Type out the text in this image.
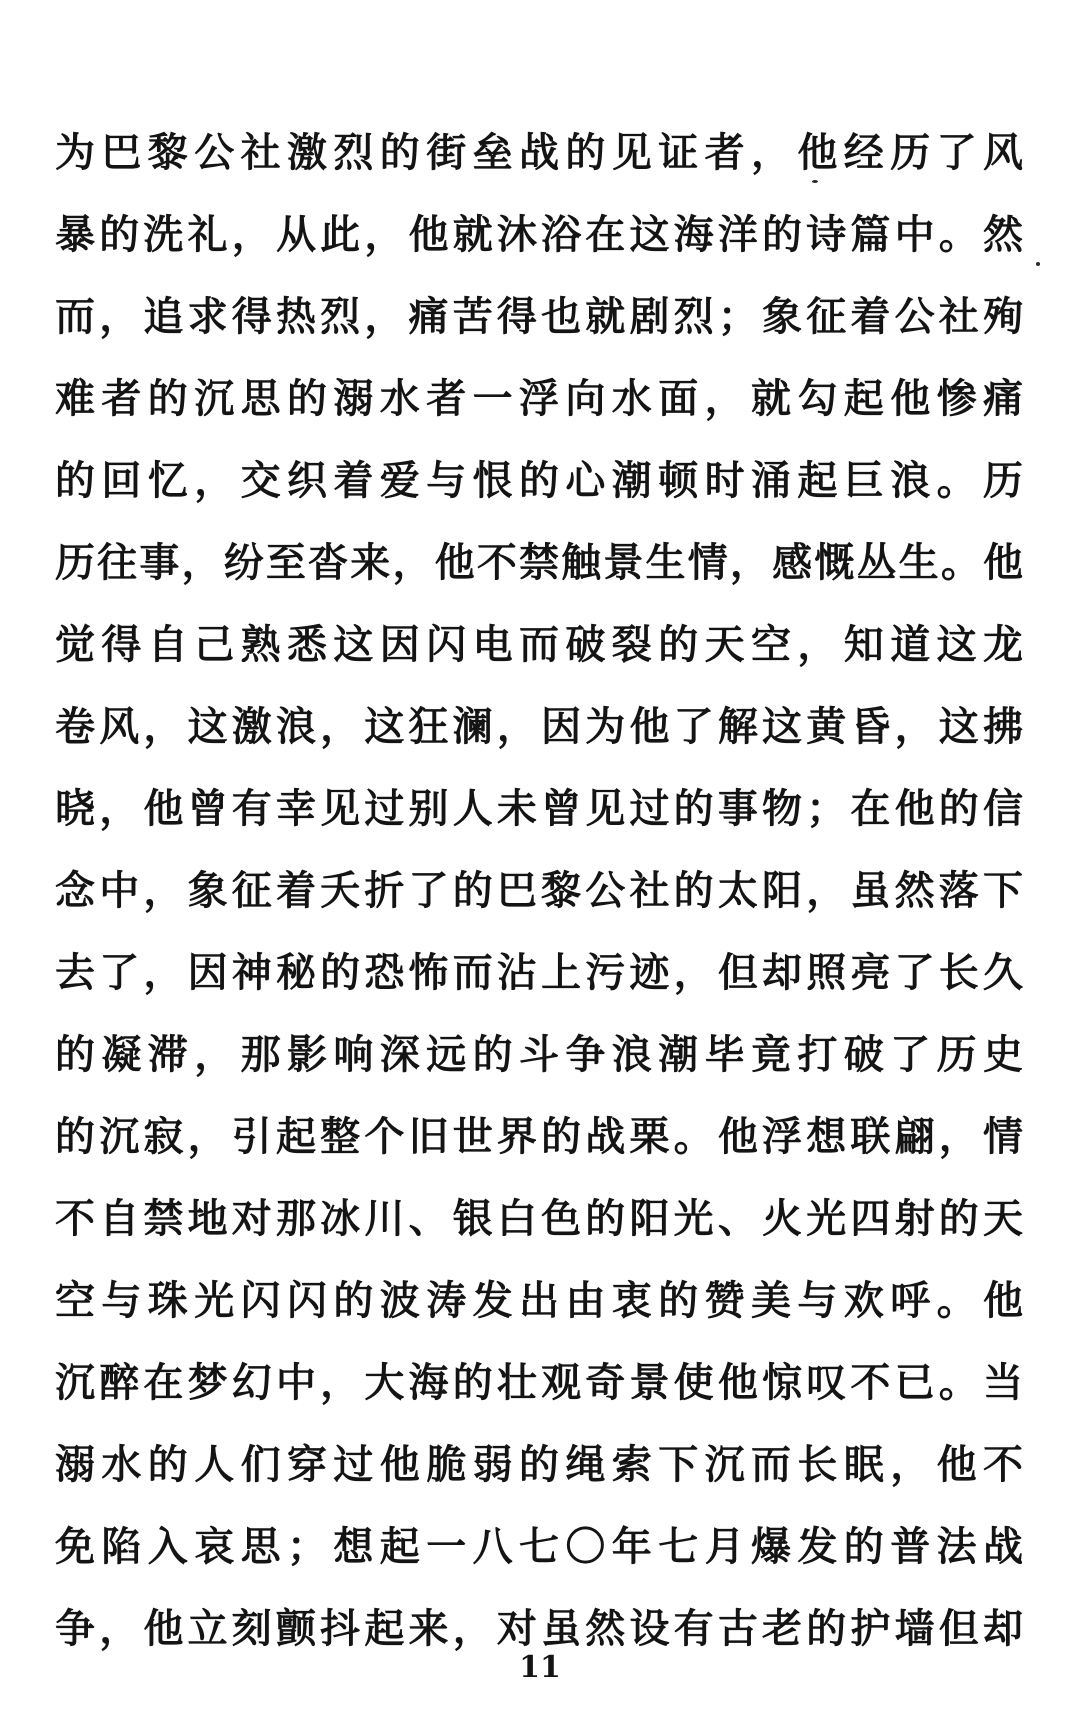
为巴黎公社激烈的街垒战的见证者，他经历了风
暴的洗礼，从此，他就沐浴在这海洋的诗篇中。然
而，追求得热烈，痛苦得也就剧烈；象征着公社殉
难者的沉思的溺水者一浮向水面，就勾起他惨痛
的回忆，交织着爱与恨的心潮顿时涌起巨浪。历
历往事，纷至沓来，他不禁触景生情，感慨丛生。他
觉得自己熟悉这因闪电而破裂的天空，知道这龙
卷风，这激浪，这狂澜，因为他了解这黄昏，这拂
晓，他曾有幸见过别人未曾见过的事物；在他的信
念中，象征着夭折了的巴黎公社的太阳，虽然落下
去了，因神秘的恐怖而沾上污迹，但却照亮了长久
的凝滞，那影响深远的斗争浪潮毕竟打破了历史
的沉寂，引起整个旧世界的战栗。他浮想联翩，情
不自禁地对那冰川、银白色的阳光、火光四射的天
空与珠光闪闪的波涛发出由衷的赞美与欢呼。他
沉醉在梦幻中，大海的壮观奇景使他惊叹不已。当
溺水的人们穿过他脆弱的绳索下沉而长眠，他不
免陷入哀思；想起一八七〇年七月爆发的普法战
争，他立刻颤抖起来，对虽然设有古老的护墙但却
11
